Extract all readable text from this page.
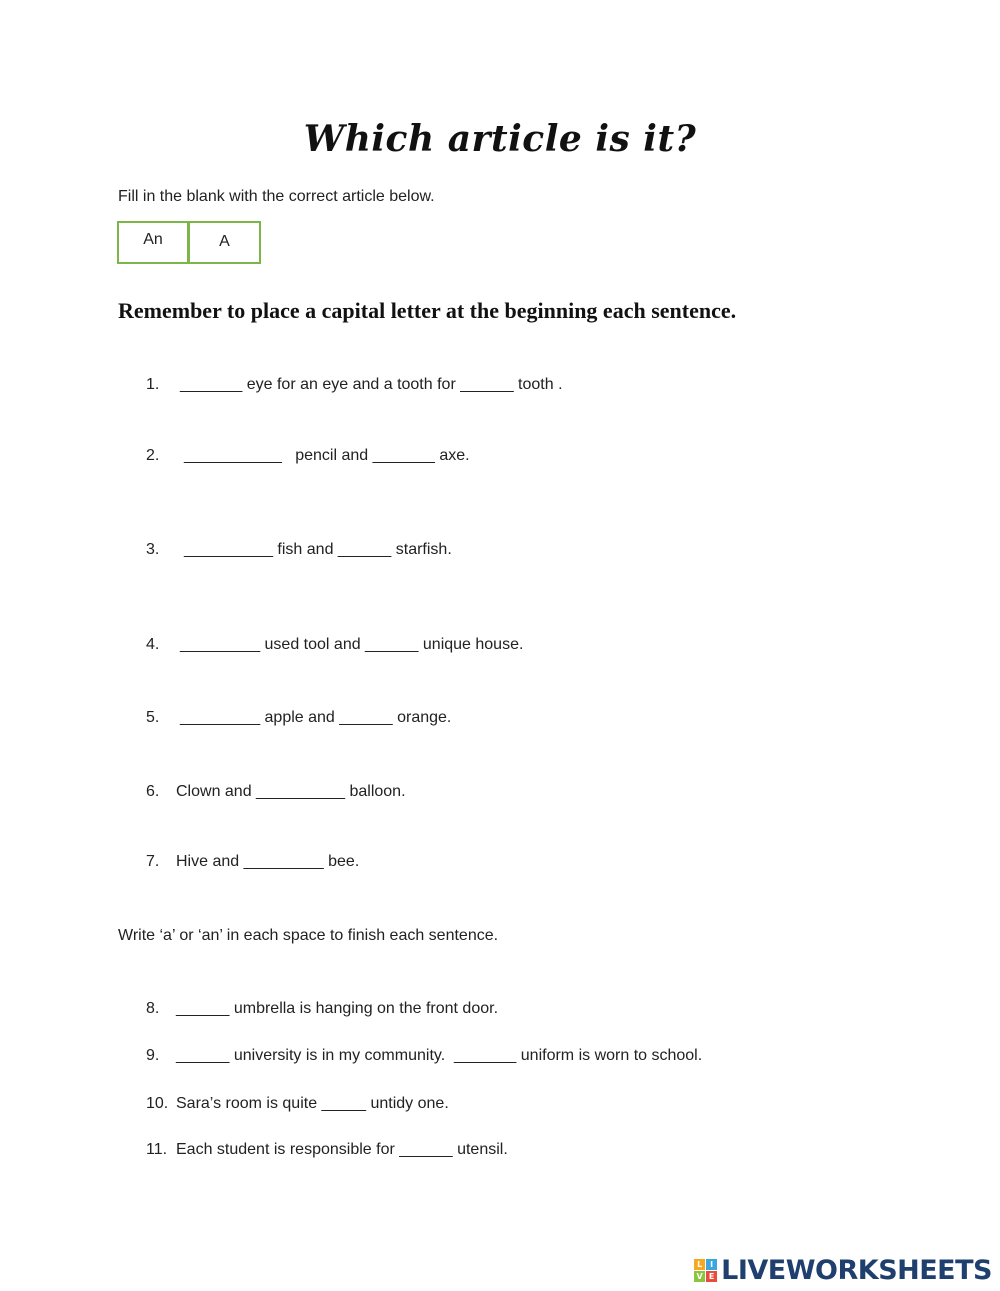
Which article is it?
Fill in the blank with the correct article below.
An	A
Remember to place a capital letter at the beginning each sentence.
1. _______ eye for an eye and a tooth for ______ tooth .
2. ___________   pencil and _______ axe.
3. __________ fish and ______ starfish.
4. _________ used tool and ______ unique house.
5. _________ apple and ______ orange.
6. Clown and __________ balloon.
7. Hive and _________ bee.
Write ‘a’ or ‘an’ in each space to finish each sentence.
8. ______ umbrella is hanging on the front door.
9. ______ university is in my community.  _______ uniform is worn to school.
10. Sara’s room is quite _____ untidy one.
11. Each student is responsible for ______ utensil.
L I
V E LIVEWORKSHEETS
